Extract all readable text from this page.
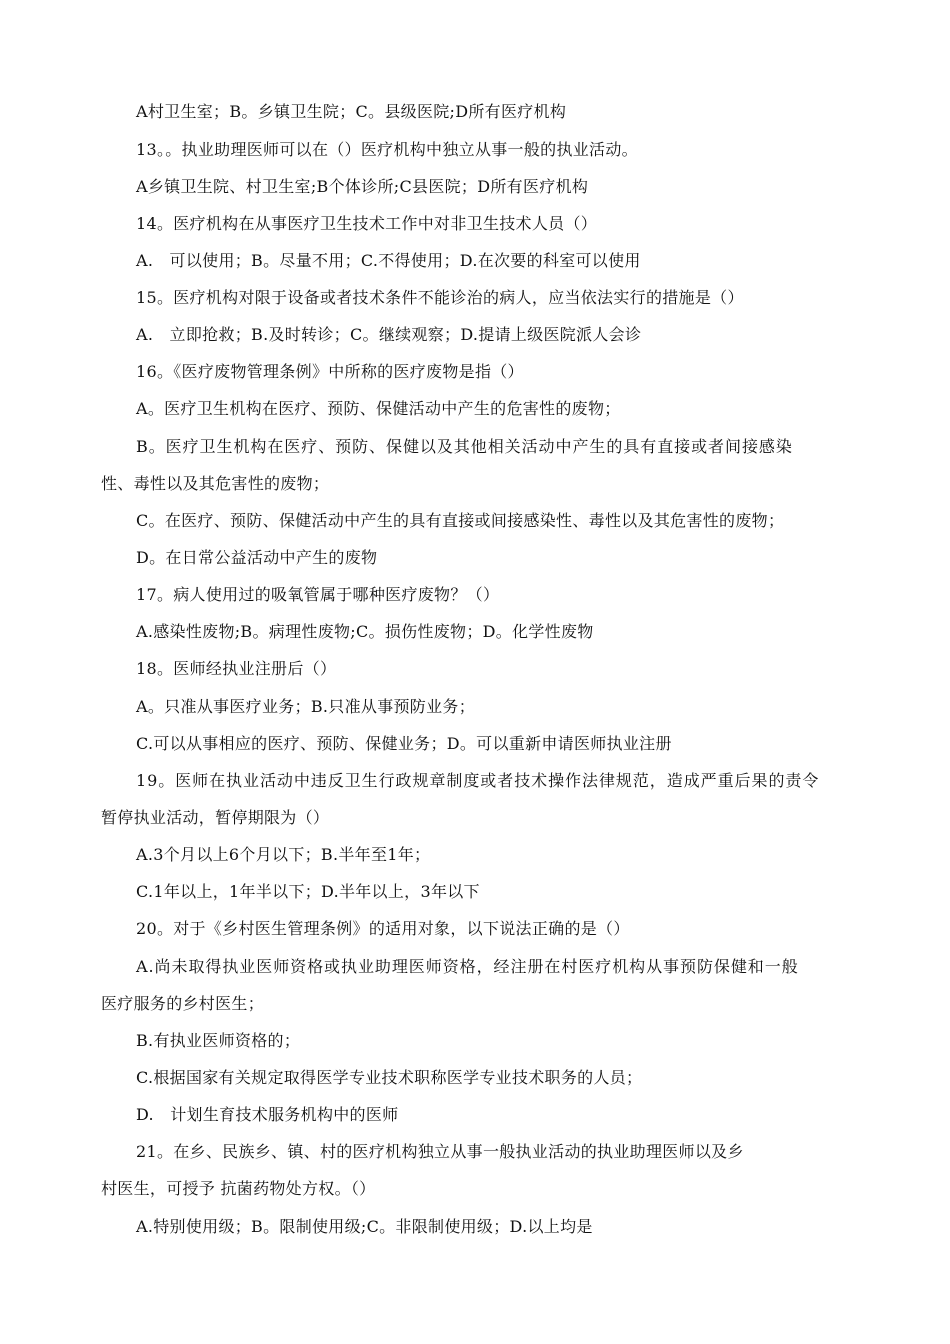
A村卫生室；B。乡镇卫生院；C。县级医院;D所有医疗机构
13。。执业助理医师可以在（）医疗机构中独立从事一般的执业活动。
A乡镇卫生院、村卫生室;B个体诊所;C县医院；D所有医疗机构
14。医疗机构在从事医疗卫生技术工作中对非卫生技术人员（）
A.　可以使用；B。尽量不用；C.不得使用；D.在次要的科室可以使用
15。医疗机构对限于设备或者技术条件不能诊治的病人，应当依法实行的措施是（）
A.　立即抢救；B.及时转诊；C。继续观察；D.提请上级医院派人会诊
16。《医疗废物管理条例》中所称的医疗废物是指（）
A。医疗卫生机构在医疗、预防、保健活动中产生的危害性的废物；
B。医疗卫生机构在医疗、预防、保健以及其他相关活动中产生的具有直接或者间接感染
性、毒性以及其危害性的废物；
C。在医疗、预防、保健活动中产生的具有直接或间接感染性、毒性以及其危害性的废物；
D。在日常公益活动中产生的废物
17。病人使用过的吸氧管属于哪种医疗废物？（）
A.感染性废物;B。病理性废物;C。损伤性废物；D。化学性废物
18。医师经执业注册后（）
A。只准从事医疗业务；B.只准从事预防业务；
C.可以从事相应的医疗、预防、保健业务；D。可以重新申请医师执业注册
19。医师在执业活动中违反卫生行政规章制度或者技术操作法律规范，造成严重后果的责令
暂停执业活动，暂停期限为（）
A.3个月以上6个月以下；B.半年至1年；
C.1年以上，1年半以下；D.半年以上，3年以下
20。对于《乡村医生管理条例》的适用对象，以下说法正确的是（）
A.尚未取得执业医师资格或执业助理医师资格，经注册在村医疗机构从事预防保健和一般
医疗服务的乡村医生；
B.有执业医师资格的；
C.根据国家有关规定取得医学专业技术职称医学专业技术职务的人员；
D.　计划生育技术服务机构中的医师
21。在乡、民族乡、镇、村的医疗机构独立从事一般执业活动的执业助理医师以及乡
村医生，可授予 抗菌药物处方权。（）
A.特别使用级；B。限制使用级;C。非限制使用级；D.以上均是
